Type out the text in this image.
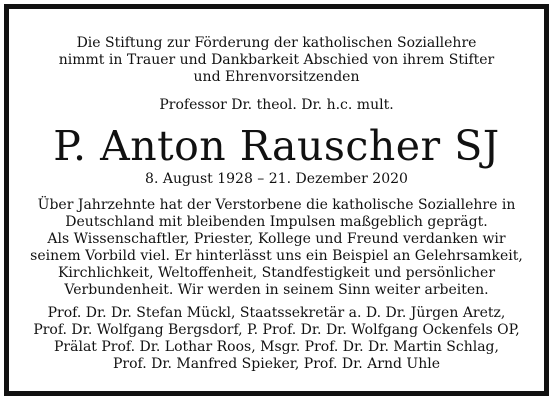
Die Stiftung zur Förderung der katholischen Soziallehre
nimmt in Trauer und Dankbarkeit Abschied von ihrem Stifter
und Ehrenvorsitzenden
Professor Dr. theol. Dr. h.c. mult.
P. Anton Rauscher SJ
8. August 1928 – 21. Dezember 2020
Über Jahrzehnte hat der Verstorbene die katholische Soziallehre in
Deutschland mit bleibenden Impulsen maßgeblich geprägt.
Als Wissenschaftler, Priester, Kollege und Freund verdanken wir
seinem Vorbild viel. Er hinterlässt uns ein Beispiel an Gelehrsamkeit,
Kirchlichkeit, Weltoffenheit, Standfestigkeit und persönlicher
Verbundenheit. Wir werden in seinem Sinn weiter arbeiten.
Prof. Dr. Dr. Stefan Mückl, Staatssekretär a. D. Dr. Jürgen Aretz,
Prof. Dr. Wolfgang Bergsdorf, P. Prof. Dr. Dr. Wolfgang Ockenfels OP,
Prälat Prof. Dr. Lothar Roos, Msgr. Prof. Dr. Dr. Martin Schlag,
Prof. Dr. Manfred Spieker, Prof. Dr. Arnd Uhle
